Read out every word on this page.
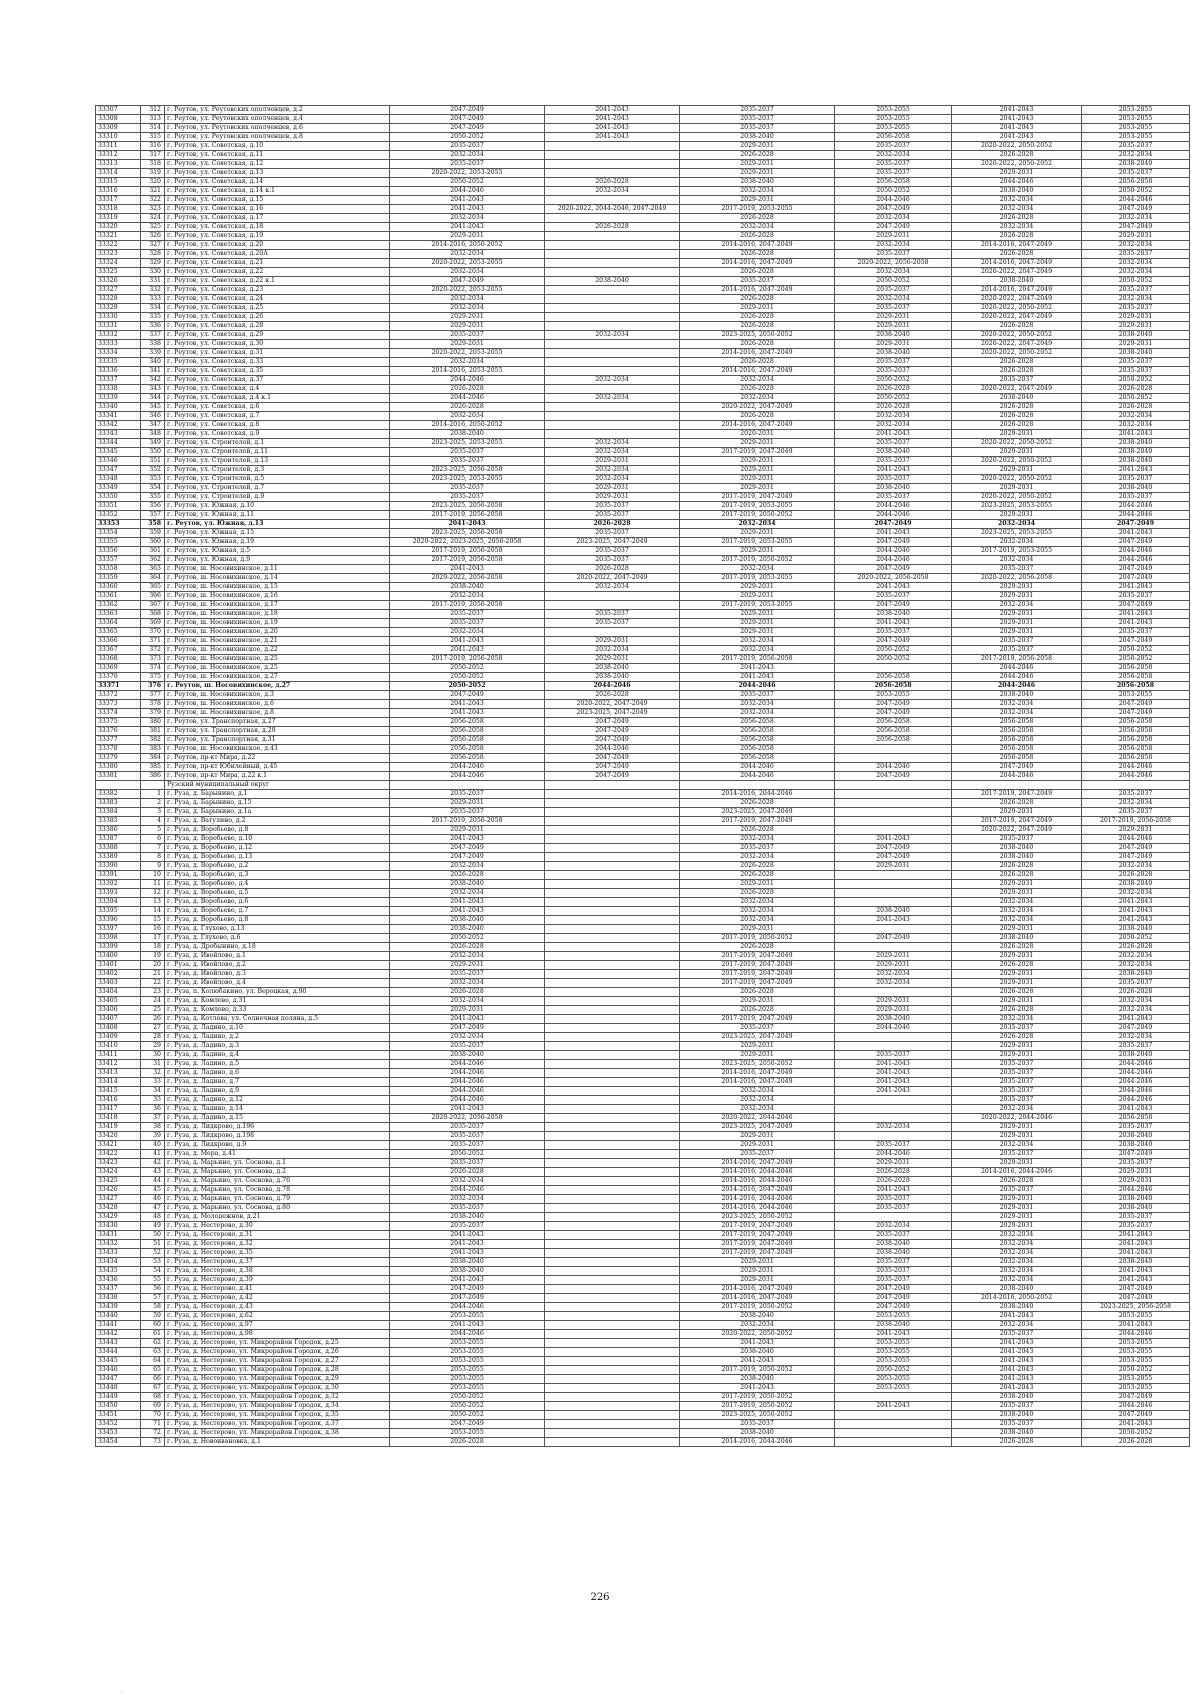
33307	312	г. Реутов, ул. Реутовских ополченцев, д.2	2047-2049	2041-2043	2035-2037	2053-2055	2041-2043	2053-2055
33308	313	г. Реутов, ул. Реутовских ополченцев, д.4	2047-2049	2041-2043	2035-2037	2053-2055	2041-2043	2053-2055
33309	314	г. Реутов, ул. Реутовских ополченцев, д.6	2047-2049	2041-2043	2035-2037	2053-2055	2041-2043	2053-2055
33310	315	г. Реутов, ул. Реутовских ополченцев, д.8	2050-2052	2041-2043	2038-2040	2056-2058	2041-2043	2053-2055
33311	316	г. Реутов, ул. Советская, д.10	2035-2037		2029-2031	2035-2037	2020-2022, 2050-2052	2035-2037
33312	317	г. Реутов, ул. Советская, д.11	2032-2034		2026-2028	2032-2034	2026-2028	2032-2034
33313	318	г. Реутов, ул. Советская, д.12	2035-2037		2029-2031	2035-2037	2020-2022, 2050-2052	2038-2040
33314	319	г. Реутов, ул. Советская, д.13	2020-2022, 2053-2055		2029-2031	2035-2037	2029-2031	2035-2037
33315	320	г. Реутов, ул. Советская, д.14	2050-2052	2026-2028	2038-2040	2056-2058	2044-2046	2056-2058
33316	321	г. Реутов, ул. Советская, д.14 к.1	2044-2046	2032-2034	2032-2034	2050-2052	2038-2040	2050-2052
33317	322	г. Реутов, ул. Советская, д.15	2041-2043		2029-2031	2044-2046	2032-2034	2044-2046
33318	323	г. Реутов, ул. Советская, д.16	2041-2043	2020-2022, 2044-2046, 2047-2049	2017-2019, 2053-2055	2047-2049	2032-2034	2047-2049
33319	324	г. Реутов, ул. Советская, д.17	2032-2034		2026-2028	2032-2034	2026-2028	2032-2034
33320	325	г. Реутов, ул. Советская, д.18	2041-2043	2026-2028	2032-2034	2047-2049	2032-2034	2047-2049
33321	326	г. Реутов, ул. Советская, д.19	2029-2031		2026-2028	2029-2031	2026-2028	2029-2031
33322	327	г. Реутов, ул. Советская, д.20	2014-2016, 2050-2052		2014-2016, 2047-2049	2032-2034	2014-2016, 2047-2049	2032-2034
33323	328	г. Реутов, ул. Советская, д.20А	2032-2034		2026-2028	2035-2037	2026-2028	2035-2037
33324	329	г. Реутов, ул. Советская, д.21	2020-2022, 2053-2055		2014-2016, 2047-2049	2020-2022, 2056-2058	2014-2016, 2047-2049	2032-2034
33325	330	г. Реутов, ул. Советская, д.22	2032-2034		2026-2028	2032-2034	2020-2022, 2047-2049	2032-2034
33326	331	г. Реутов, ул. Советская, д.22 к.1	2047-2049	2038-2040	2035-2037	2050-2052	2038-2040	2050-2052
33327	332	г. Реутов, ул. Советская, д.23	2020-2022, 2053-2055		2014-2016, 2047-2049	2035-2037	2014-2016, 2047-2049	2035-2037
33328	333	г. Реутов, ул. Советская, д.24	2032-2034		2026-2028	2032-2034	2020-2022, 2047-2049	2032-2034
33329	334	г. Реутов, ул. Советская, д.25	2032-2034		2029-2031	2035-2037	2020-2022, 2050-2052	2035-2037
33330	335	г. Реутов, ул. Советская, д.26	2029-2031		2026-2028	2029-2031	2020-2022, 2047-2049	2029-2031
33331	336	г. Реутов, ул. Советская, д.28	2029-2031		2026-2028	2029-2031	2026-2028	2029-2031
33332	337	г. Реутов, ул. Советская, д.29	2035-2037	2032-2034	2023-2025, 2050-2052	2038-2040	2020-2022, 2050-2052	2038-2040
33333	338	г. Реутов, ул. Советская, д.30	2029-2031		2026-2028	2029-2031	2020-2022, 2047-2049	2029-2031
33334	339	г. Реутов, ул. Советская, д.31	2020-2022, 2053-2055		2014-2016, 2047-2049	2038-2040	2020-2022, 2050-2052	2038-2040
33335	340	г. Реутов, ул. Советская, д.33	2032-2034		2026-2028	2035-2037	2026-2028	2035-2037
33336	341	г. Реутов, ул. Советская, д.35	2014-2016, 2053-2055		2014-2016, 2047-2049	2035-2037	2026-2028	2035-2037
33337	342	г. Реутов, ул. Советская, д.37	2044-2046	2032-2034	2032-2034	2050-2052	2035-2037	2050-2052
33338	343	г. Реутов, ул. Советская, д.4	2026-2028		2026-2028	2026-2028	2020-2022, 2047-2049	2026-2028
33339	344	г. Реутов, ул. Советская, д.4 к.1	2044-2046	2032-2034	2032-2034	2050-2052	2038-2040	2050-2052
33340	345	г. Реутов, ул. Советская, д.6	2026-2028		2020-2022, 2047-2049	2026-2028	2026-2028	2026-2028
33341	346	г. Реутов, ул. Советская, д.7	2032-2034		2026-2028	2032-2034	2026-2028	2032-2034
33342	347	г. Реутов, ул. Советская, д.8	2014-2016, 2050-2052		2014-2016, 2047-2049	2032-2034	2026-2028	2032-2034
33343	348	г. Реутов, ул. Советская, д.9	2038-2040		2020-2031	2041-2043	2029-2031	2041-2043
33344	349	г. Реутов, ул. Строителей, д.1	2023-2025, 2053-2055	2032-2034	2029-2031	2035-2037	2020-2022, 2050-2052	2038-2040
33345	350	г. Реутов, ул. Строителей, д.11	2035-2037	2032-2034	2017-2019, 2047-2049	2038-2040	2029-2031	2038-2040
33346	351	г. Реутов, ул. Строителей, д.13	2035-2037	2029-2031	2029-2031	2035-2037	2020-2022, 2050-2052	2038-2040
33347	352	г. Реутов, ул. Строителей, д.3	2023-2025, 2056-2058	2032-2034	2029-2031	2041-2043	2029-2031	2041-2043
33348	353	г. Реутов, ул. Строителей, д.5	2023-2025, 2053-2055	2032-2034	2029-2031	2035-2037	2020-2022, 2050-2052	2035-2037
33349	354	г. Реутов, ул. Строителей, д.7	2035-2037	2029-2031	2029-2031	2038-2040	2029-2031	2038-2040
33350	355	г. Реутов, ул. Строителей, д.9	2035-2037	2029-2031	2017-2019, 2047-2049	2035-2037	2020-2022, 2050-2052	2035-2037
33351	356	г. Реутов, ул. Южная, д.10	2023-2025, 2056-2058	2035-2037	2017-2019, 2053-2055	2044-2046	2023-2025, 2053-2055	2044-2046
33352	357	г. Реутов, ул. Южная, д.11	2017-2019, 2056-2058	2035-2037	2017-2019, 2050-2052	2044-2046	2029-2031	2044-2046
33353	358	г. Реутов, ул. Южная, д.13	2041-2043	2026-2028	2032-2034	2047-2049	2032-2034	2047-2049
33354	359	г. Реутов, ул. Южная, д.15	2023-2025, 2056-2058	2035-2037	2029-2031	2041-2043	2023-2025, 2053-2055	2041-2043
33355	360	г. Реутов, ул. Южная, д.19	2020-2022, 2023-2025, 2056-2058	2023-2025, 2047-2049	2017-2019, 2053-2055	2047-2049	2032-2034	2047-2049
33356	361	г. Реутов, ул. Южная, д.5	2017-2019, 2056-2058	2035-2037	2029-2031	2044-2046	2017-2019, 2053-2055	2044-2046
33357	362	г. Реутов, ул. Южная, д.9	2017-2019, 2056-2058	2035-2037	2017-2019, 2050-2052	2044-2046	2032-2034	2044-2046
33358	363	г. Реутов, ш. Носовихинское, д.11	2041-2043	2026-2028	2032-2034	2047-2049	2035-2037	2047-2049
33359	364	г. Реутов, ш. Носовихинское, д.14	2029-2022, 2056-2058	2020-2022, 2047-2049	2017-2019, 2053-2055	2020-2022, 2056-2058	2020-2022, 2056-2058	2047-2049
33360	365	г. Реутов, ш. Носовихинское, д.15	2038-2040	2032-2034	2029-2031	2041-2043	2029-2031	2041-2043
33361	366	г. Реутов, ш. Носовихинское, д.16	2032-2034		2029-2031	2035-2037	2029-2031	2035-2037
33362	367	г. Реутов, ш. Носовихинское, д.17	2017-2019, 2056-2058		2017-2019, 2053-2055	2047-2049	2032-2034	2047-2049
33363	368	г. Реутов, ш. Носовихинское, д.18	2035-2037	2035-2037	2029-2031	2038-2040	2029-2031	2041-2043
33364	369	г. Реутов, ш. Носовихинское, д.19	2035-2037	2035-2037	2029-2031	2041-2043	2029-2031	2041-2043
33365	370	г. Реутов, ш. Носовихинское, д.20	2032-2034		2029-2031	2035-2037	2029-2031	2035-2037
33366	371	г. Реутов, ш. Носовихинское, д.21	2041-2043	2029-2031	2032-2034	2047-2049	2035-2037	2047-2049
33367	372	г. Реутов, ш. Носовихинское, д.22	2041-2043	2032-2034	2032-2034	2050-2052	2035-2037	2050-2052
33368	373	г. Реутов, ш. Носовихинское, д.25	2017-2019, 2056-2058	2029-2031	2017-2019, 2056-2058	2050-2052	2017-2019, 2056-2058	2050-2052
33369	374	г. Реутов, ш. Носовихинское, д.25	2050-2052	2038-2040	2041-2043		2044-2046	2056-2058
33370	375	г. Реутов, ш. Носовихинское, д.27	2050-2052	2038-2040	2041-2043	2056-2058	2044-2046	2056-2058
33371	376	г. Реутов, ш. Носовихинское, д.27	2050-2052	2044-2046	2044-2046	2056-2058	2044-2046	2056-2058
33372	377	г. Реутов, ш. Носовихинское, д.3	2047-2049	2026-2028	2035-2037	2053-2055	2038-2040	2053-2055
33373	378	г. Реутов, ш. Носовихинское, д.6	2041-2043	2020-2022, 2047-2049	2032-2034	2047-2049	2032-2034	2047-2049
33374	379	г. Реутов, ш. Носовихинское, д.8	2041-2043	2023-2025, 2047-2049	2032-2034	2047-2049	2032-2034	2047-2049
33375	380	г. Реутов, ул. Транспортная, д.27	2056-2058	2047-2049	2056-2058	2056-2058	2056-2058	2056-2058
33376	381	г. Реутов, ул. Транспортная, д.29	2056-2058	2047-2049	2056-2058	2056-2058	2056-2058	2056-2058
33377	382	г. Реутов, ул. Транспортная, д.31	2056-2058	2047-2049	2056-2058	2056-2058	2056-2058	2056-2058
33378	383	г. Реутов, ш. Носовихинское, д.43	2056-2058	2044-2046	2056-2058		2056-2058	2056-2058
33379	384	г. Реутов, пр-кт Мира, д.22	2056-2058	2047-2049	2056-2058		2056-2058	2056-2058
33380	385	г. Реутов, пр-кт Юбилейный, д.45	2044-2046	2047-2049	2044-2046	2044-2046	2047-2049	2044-2046
33381	386	г. Реутов, пр-кт Мира, д.22 к.1	2044-2046	2047-2049	2044-2046	2047-2049	2044-2046	2044-2046
		Рузский муниципальный округ						
33382	1	г. Руза, д. Барынино, д.1	2035-2037		2014-2016, 2044-2046		2017-2019, 2047-2049	2035-2037
33383	2	г. Руза, д. Барынино, д.15	2029-2031		2026-2028		2026-2028	2032-2034
33384	3	г. Руза, д. Барынино, д.1а	2035-2037		2023-2025, 2047-2049		2029-2031	2035-2037
33385	4	г. Руза, д. Ватулино, д.2	2017-2019, 2056-2058		2017-2019, 2047-2049		2017-2019, 2047-2049	2017-2019, 2056-2058
33386	5	г. Руза, д. Воробьево, д.8	2029-2031		2026-2028		2020-2022, 2047-2049	2029-2031
33387	6	г. Руза, д. Воробьево, д.10	2041-2043		2032-2034	2041-2043	2035-2037	2044-2046
33388	7	г. Руза, д. Воробьево, д.12	2047-2049		2035-2037	2047-2049	2038-2040	2047-2049
33389	8	г. Руза, д. Воробьево, д.13	2047-2049		2032-2034	2047-2049	2038-2040	2047-2049
33390	9	г. Руза, д. Воробьево, д.2	2032-2034		2026-2028	2029-2031	2026-2028	2032-2034
33391	10	г. Руза, д. Воробьево, д.3	2026-2028		2026-2028		2026-2028	2026-2028
33392	11	г. Руза, д. Воробьево, д.4	2038-2040		2029-2031		2029-2031	2038-2040
33393	12	г. Руза, д. Воробьево, д.5	2032-2034		2026-2028		2029-2031	2032-2034
33394	13	г. Руза, д. Воробьево, д.6	2041-2043		2032-2034		2032-2034	2041-2043
33395	14	г. Руза, д. Воробьево, д.7	2041-2043		2032-2034	2038-2040	2032-2034	2041-2043
33396	15	г. Руза, д. Воробьево, д.8	2038-2040		2032-2034	2041-2043	2032-2034	2041-2043
33397	16	г. Руза, д. Глухово, д.13	2038-2040		2029-2031		2029-2031	2038-2040
33398	17	г. Руза, д. Глухово, д.6	2050-2052		2017-2019, 2050-2052	2047-2049	2038-2040	2050-2052
33399	18	г. Руза, д. Дробынино, д.18	2026-2028		2026-2028		2026-2028	2026-2028
33400	19	г. Руза, д. Ивойлово, д.1	2032-2034		2017-2019, 2047-2049	2029-2031	2029-2031	2032-2034
33401	20	г. Руза, д. Ивойлово, д.2	2029-2031		2017-2019, 2047-2049	2029-2031	2026-2028	2032-2034
33402	21	г. Руза, д. Ивойлово, д.3	2035-2037		2017-2019, 2047-2049	2032-2034	2029-2031	2038-2040
33403	22	г. Руза, д. Ивойлово, д.4	2032-2034		2017-2019, 2047-2049	2032-2034	2029-2031	2035-2037
33404	23	г. Руза, п. Колюбакино, ул. Вероцкая, д.90	2026-2028		2026-2028		2026-2028	2026-2028
33405	24	г. Руза, д. Комлево, д.31	2032-2034		2029-2031	2029-2031	2029-2031	2032-2034
33406	25	г. Руза, д. Комлево, д.33	2029-2031		2026-2028	2029-2031	2026-2028	2032-2034
33407	26	г. Руза, д. Котлова, ул. Солнечная поляна, д.5	2041-2043		2017-2019, 2047-2049	2038-2040	2032-2034	2041-2043
33408	27	г. Руза, д. Ладино, д.10	2047-2049		2035-2037	2044-2046	2035-2037	2047-2049
33409	28	г. Руза, д. Ладино, д.2	2032-2034		2023-2025, 2047-2049		2026-2028	2032-2034
33410	29	г. Руза, д. Ладино, д.3	2035-2037		2029-2031		2029-2031	2035-2037
33411	30	г. Руза, д. Ладино, д.4	2038-2040		2029-2031	2035-2037	2029-2031	2038-2040
33412	31	г. Руза, д. Ладино, д.5	2044-2046		2023-2025, 2050-2052	2041-2043	2035-2037	2044-2046
33413	32	г. Руза, д. Ладино, д.6	2044-2046		2014-2016, 2047-2049	2041-2043	2035-2037	2044-2046
33414	33	г. Руза, д. Ладино, д.7	2044-2046		2014-2016, 2047-2049	2041-2043	2035-2037	2044-2046
33415	34	г. Руза, д. Ладино, д.9	2044-2046		2032-2034	2041-2043	2035-2037	2044-2046
33416	35	г. Руза, д. Ладино, д.12	2044-2046		2032-2034		2035-2037	2044-2046
33417	36	г. Руза, д. Ладино, д.14	2041-2043		2032-2034		2032-2034	2041-2043
33418	37	г. Руза, д. Ладино, д.15	2020-2022, 2056-2058		2020-2022, 2044-2046		2020-2022, 2044-2046	2056-2058
33419	38	г. Руза, д. Лидкрово, д.196	2035-2037		2023-2025, 2047-2049	2032-2034	2029-2031	2035-2037
33420	39	г. Руза, д. Лидкрово, д.198	2035-2037		2029-2031		2029-2031	2038-2040
33421	40	г. Руза, д. Лидкрово, д.9	2035-2037		2029-2031	2035-2037	2032-2034	2038-2040
33422	41	г. Руза, д. Мера, д.41	2050-2052		2035-2037	2044-2046	2035-2037	2047-2049
33423	42	г. Руза, д. Марьино, ул. Соснова, д.1	2035-2037		2014-2016, 2047-2049	2029-2031	2029-2031	2035-2037
33424	43	г. Руза, д. Марьино, ул. Соснова, д.2	2026-2028		2014-2016, 2044-2046	2026-2028	2014-2016, 2044-2046	2029-2031
33425	44	г. Руза, д. Марьино, ул. Соснова, д.76	2032-2034		2014-2016, 2044-2046	2026-2028	2026-2028	2029-2031
33426	45	г. Руза, д. Марьино, ул. Соснова, д.78	2044-2046		2014-2016, 2047-2049	2041-2043	2035-2037	2044-2046
33427	46	г. Руза, д. Марьино, ул. Соснова, д.79	2032-2034		2014-2016, 2044-2046	2035-2037	2029-2031	2038-2040
33428	47	г. Руза, д. Марьино, ул. Соснова, д.80	2035-2037		2014-2016, 2044-2046	2035-2037	2029-2031	2038-2040
33429	48	г. Руза, д. Молодежнов, д.21	2038-2040		2023-2025, 2050-2052		2029-2031	2035-2037
33430	49	г. Руза, д. Нестерово, д.30	2035-2037		2017-2019, 2047-2049	2032-2034	2029-2031	2035-2037
33431	50	г. Руза, д. Нестерово, д.31	2041-2043		2017-2019, 2047-2049	2035-2037	2032-2034	2041-2043
33432	51	г. Руза, д. Нестерово, д.32	2041-2043		2017-2019, 2047-2049	2038-2040	2032-2034	2041-2043
33433	52	г. Руза, д. Нестерово, д.35	2041-2043		2017-2019, 2047-2049	2038-2040	2032-2034	2041-2043
33434	53	г. Руза, д. Нестерово, д.37	2038-2040		2029-2031	2035-2037	2032-2034	2038-2040
33435	54	г. Руза, д. Нестерово, д.38	2038-2040		2029-2031	2035-2037	2032-2034	2041-2043
33436	55	г. Руза, д. Нестерово, д.39	2041-2043		2029-2031	2035-2037	2032-2034	2041-2043
33437	56	г. Руза, д. Нестерово, д.41	2047-2049		2014-2016, 2047-2049	2047-2049	2038-2040	2047-2049
33438	57	г. Руза, д. Нестерово, д.42	2047-2049		2014-2016, 2047-2049	2047-2049	2014-2016, 2050-2052	2047-2049
33439	58	г. Руза, д. Нестерово, д.43	2044-2046		2017-2019, 2050-2052	2047-2049	2038-2040	2023-2025, 2056-2058
33440	59	г. Руза, д. Нестерово, д.62	2053-2055		2038-2040	2053-2055	2041-2043	2053-2055
33441	60	г. Руза, д. Нестерово, д.97	2041-2043		2032-2034	2038-2040	2032-2034	2041-2043
33442	61	г. Руза, д. Нестерово, д.98	2044-2046		2020-2022, 2050-2052	2041-2043	2035-2037	2044-2046
33443	62	г. Руза, д. Нестерово, ул. Микрорайон Городок, д.25	2053-2055		2041-2043	2053-2055	2041-2043	2053-2055
33444	63	г. Руза, д. Нестерово, ул. Микрорайон Городок, д.26	2053-2055		2038-2040	2053-2055	2041-2043	2053-2055
33445	64	г. Руза, д. Нестерово, ул. Микрорайон Городок, д.27	2053-2055		2041-2043	2053-2055	2041-2043	2053-2055
33446	65	г. Руза, д. Нестерово, ул. Микрорайон Городок, д.28	2053-2055		2017-2019, 2050-2052	2050-2052	2041-2043	2050-2052
33447	66	г. Руза, д. Нестерово, ул. Микрорайон Городок, д.29	2053-2055		2038-2040	2053-2055	2041-2043	2053-2055
33448	67	г. Руза, д. Нестерово, ул. Микрорайон Городок, д.30	2053-2055		2041-2043	2053-2055	2041-2043	2053-2055
33449	68	г. Руза, д. Нестерово, ул. Микрорайон Городок, д.32	2050-2052		2017-2019, 2050-2052		2038-2040	2047-2049
33450	69	г. Руза, д. Нестерово, ул. Микрорайон Городок, д.34	2050-2052		2017-2019, 2050-2052	2041-2043	2035-2037	2044-2046
33451	70	г. Руза, д. Нестерово, ул. Микрорайон Городок, д.35	2050-2052		2023-2025, 2050-2052		2038-2040	2047-2049
33452	71	г. Руза, д. Нестерово, ул. Микрорайон Городок, д.37	2047-2049		2035-2037		2035-2037	2041-2043
33453	72	г. Руза, д. Нестерово, ул. Микрорайон Городок, д.38	2053-2055		2038-2040		2038-2040	2050-2052
33454	73	г. Руза, д. Новоивановка, д.1	2026-2028		2014-2016, 2044-2046		2026-2028	2026-2028
226
.
